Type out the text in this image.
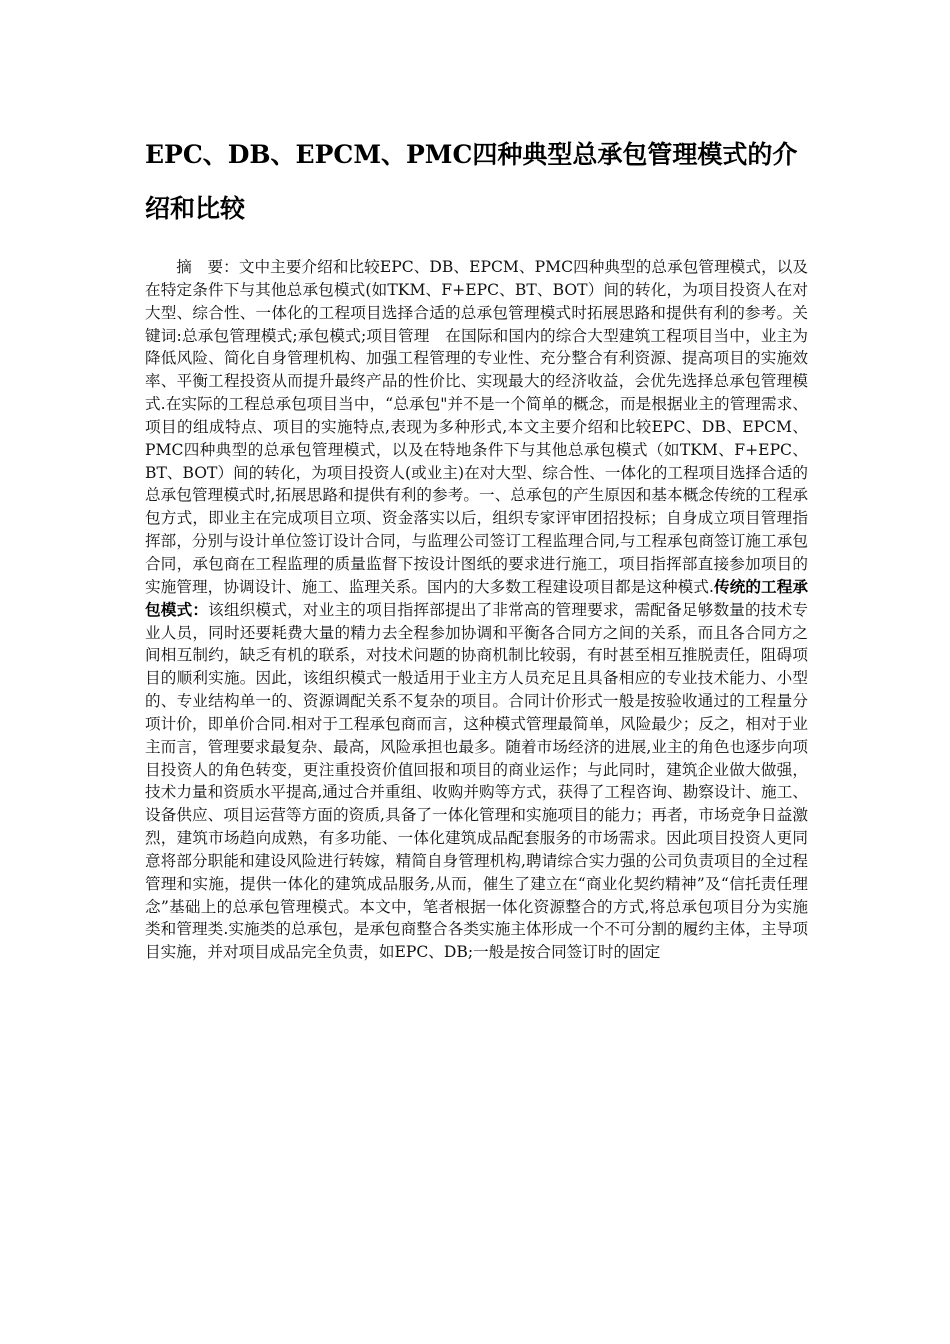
EPC、DB、EPCM、PMC四种典型总承包管理模式的介绍和比较

摘　要：文中主要介绍和比较EPC、DB、EPCM、PMC四种典型的总承包管理模式，以及在特定条件下与其他总承包模式(如TKM、F+EPC、BT、BOT）间的转化，为项目投资人在对大型、综合性、一体化的工程项目选择合适的总承包管理模式时拓展思路和提供有利的参考。关键词:总承包管理模式;承包模式;项目管理　在国际和国内的综合大型建筑工程项目当中，业主为降低风险、简化自身管理机构、加强工程管理的专业性、充分整合有利资源、提高项目的实施效率、平衡工程投资从而提升最终产品的性价比、实现最大的经济收益，会优先选择总承包管理模式.在实际的工程总承包项目当中，“总承包"并不是一个简单的概念，而是根据业主的管理需求、项目的组成特点、项目的实施特点,表现为多种形式,本文主要介绍和比较EPC、DB、EPCM、PMC四种典型的总承包管理模式，以及在特地条件下与其他总承包模式（如TKM、F+EPC、BT、BOT）间的转化，为项目投资人(或业主)在对大型、综合性、一体化的工程项目选择合适的总承包管理模式时,拓展思路和提供有利的参考。一、总承包的产生原因和基本概念传统的工程承包方式，即业主在完成项目立项、资金落实以后，组织专家评审团招投标；自身成立项目管理指挥部，分别与设计单位签订设计合同，与监理公司签订工程监理合同,与工程承包商签订施工承包合同，承包商在工程监理的质量监督下按设计图纸的要求进行施工，项目指挥部直接参加项目的实施管理，协调设计、施工、监理关系。国内的大多数工程建设项目都是这种模式.传统的工程承包模式：该组织模式，对业主的项目指挥部提出了非常高的管理要求，需配备足够数量的技术专业人员，同时还要耗费大量的精力去全程参加协调和平衡各合同方之间的关系，而且各合同方之间相互制约，缺乏有机的联系，对技术问题的协商机制比较弱，有时甚至相互推脱责任，阻碍项目的顺利实施。因此，该组织模式一般适用于业主方人员充足且具备相应的专业技术能力、小型的、专业结构单一的、资源调配关系不复杂的项目。合同计价形式一般是按验收通过的工程量分项计价，即单价合同.相对于工程承包商而言，这种模式管理最简单，风险最少；反之，相对于业主而言，管理要求最复杂、最高，风险承担也最多。随着市场经济的进展,业主的角色也逐步向项目投资人的角色转变，更注重投资价值回报和项目的商业运作；与此同时，建筑企业做大做强，技术力量和资质水平提高,通过合并重组、收购并购等方式，获得了工程咨询、勘察设计、施工、设备供应、项目运营等方面的资质,具备了一体化管理和实施项目的能力；再者，市场竞争日益激烈，建筑市场趋向成熟，有多功能、一体化建筑成品配套服务的市场需求。因此项目投资人更同意将部分职能和建设风险进行转嫁，精简自身管理机构,聘请综合实力强的公司负责项目的全过程管理和实施，提供一体化的建筑成品服务,从而，催生了建立在“商业化契约精神”及“信托责任理念”基础上的总承包管理模式。本文中，笔者根据一体化资源整合的方式,将总承包项目分为实施类和管理类.实施类的总承包，是承包商整合各类实施主体形成一个不可分割的履约主体，主导项目实施，并对项目成品完全负责，如EPC、DB;一般是按合同签订时的固定
